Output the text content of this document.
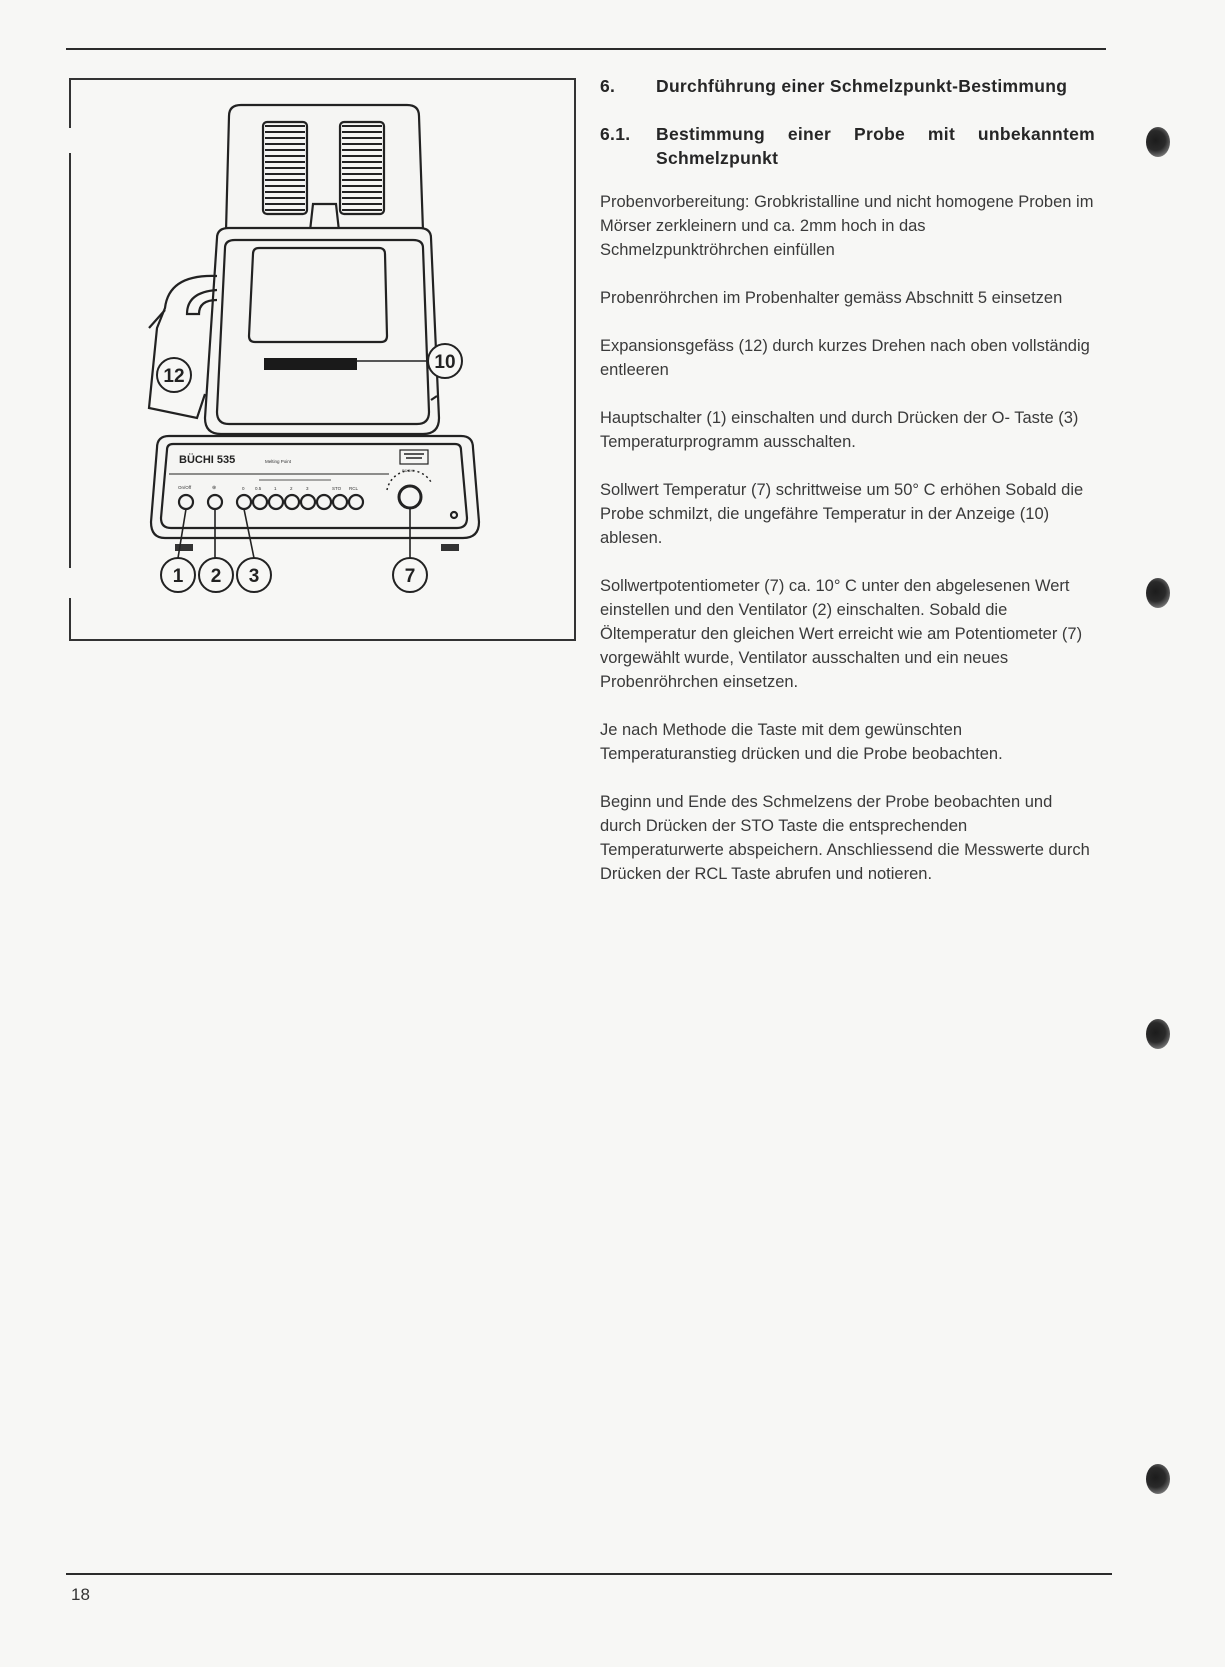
BÜCHI 535	Melting Point
BÜCHI
On/Off	⊛	0 0.5	1	2	3	STO RCL
12
10
1 2 3	7
6.	Durchführung einer Schmelzpunkt-Bestimmung
6.1.	Bestimmung einer Probe mit unbekanntem Schmelzpunkt

Probenvorbereitung: Grobkristalline und nicht homogene Proben im Mörser zerkleinern und ca. 2mm hoch in das Schmelzpunktröhrchen einfüllen

Probenröhrchen im Probenhalter gemäss Abschnitt 5 einsetzen

Expansionsgefäss (12) durch kurzes Drehen nach oben vollständig entleeren

Hauptschalter (1) einschalten und durch Drücken der O- Taste (3) Temperaturprogramm ausschalten.

Sollwert Temperatur (7) schrittweise um 50° C erhöhen Sobald die Probe schmilzt, die ungefähre Temperatur in der Anzeige (10) ablesen.

Sollwertpotentiometer (7) ca. 10° C unter den abgelesenen Wert einstellen und den Ventilator (2) einschalten. Sobald die Öltemperatur den gleichen Wert erreicht wie am Potentiometer (7) vorgewählt wurde, Ventilator ausschalten und ein neues Probenröhrchen einsetzen.

Je nach Methode die Taste mit dem gewünschten Temperaturanstieg drücken und die Probe beobachten.

Beginn und Ende des Schmelzens der Probe beobachten und durch Drücken der STO Taste die entsprechenden Temperaturwerte abspeichern. Anschliessend die Messwerte durch Drücken der RCL Taste abrufen und notieren.

18
